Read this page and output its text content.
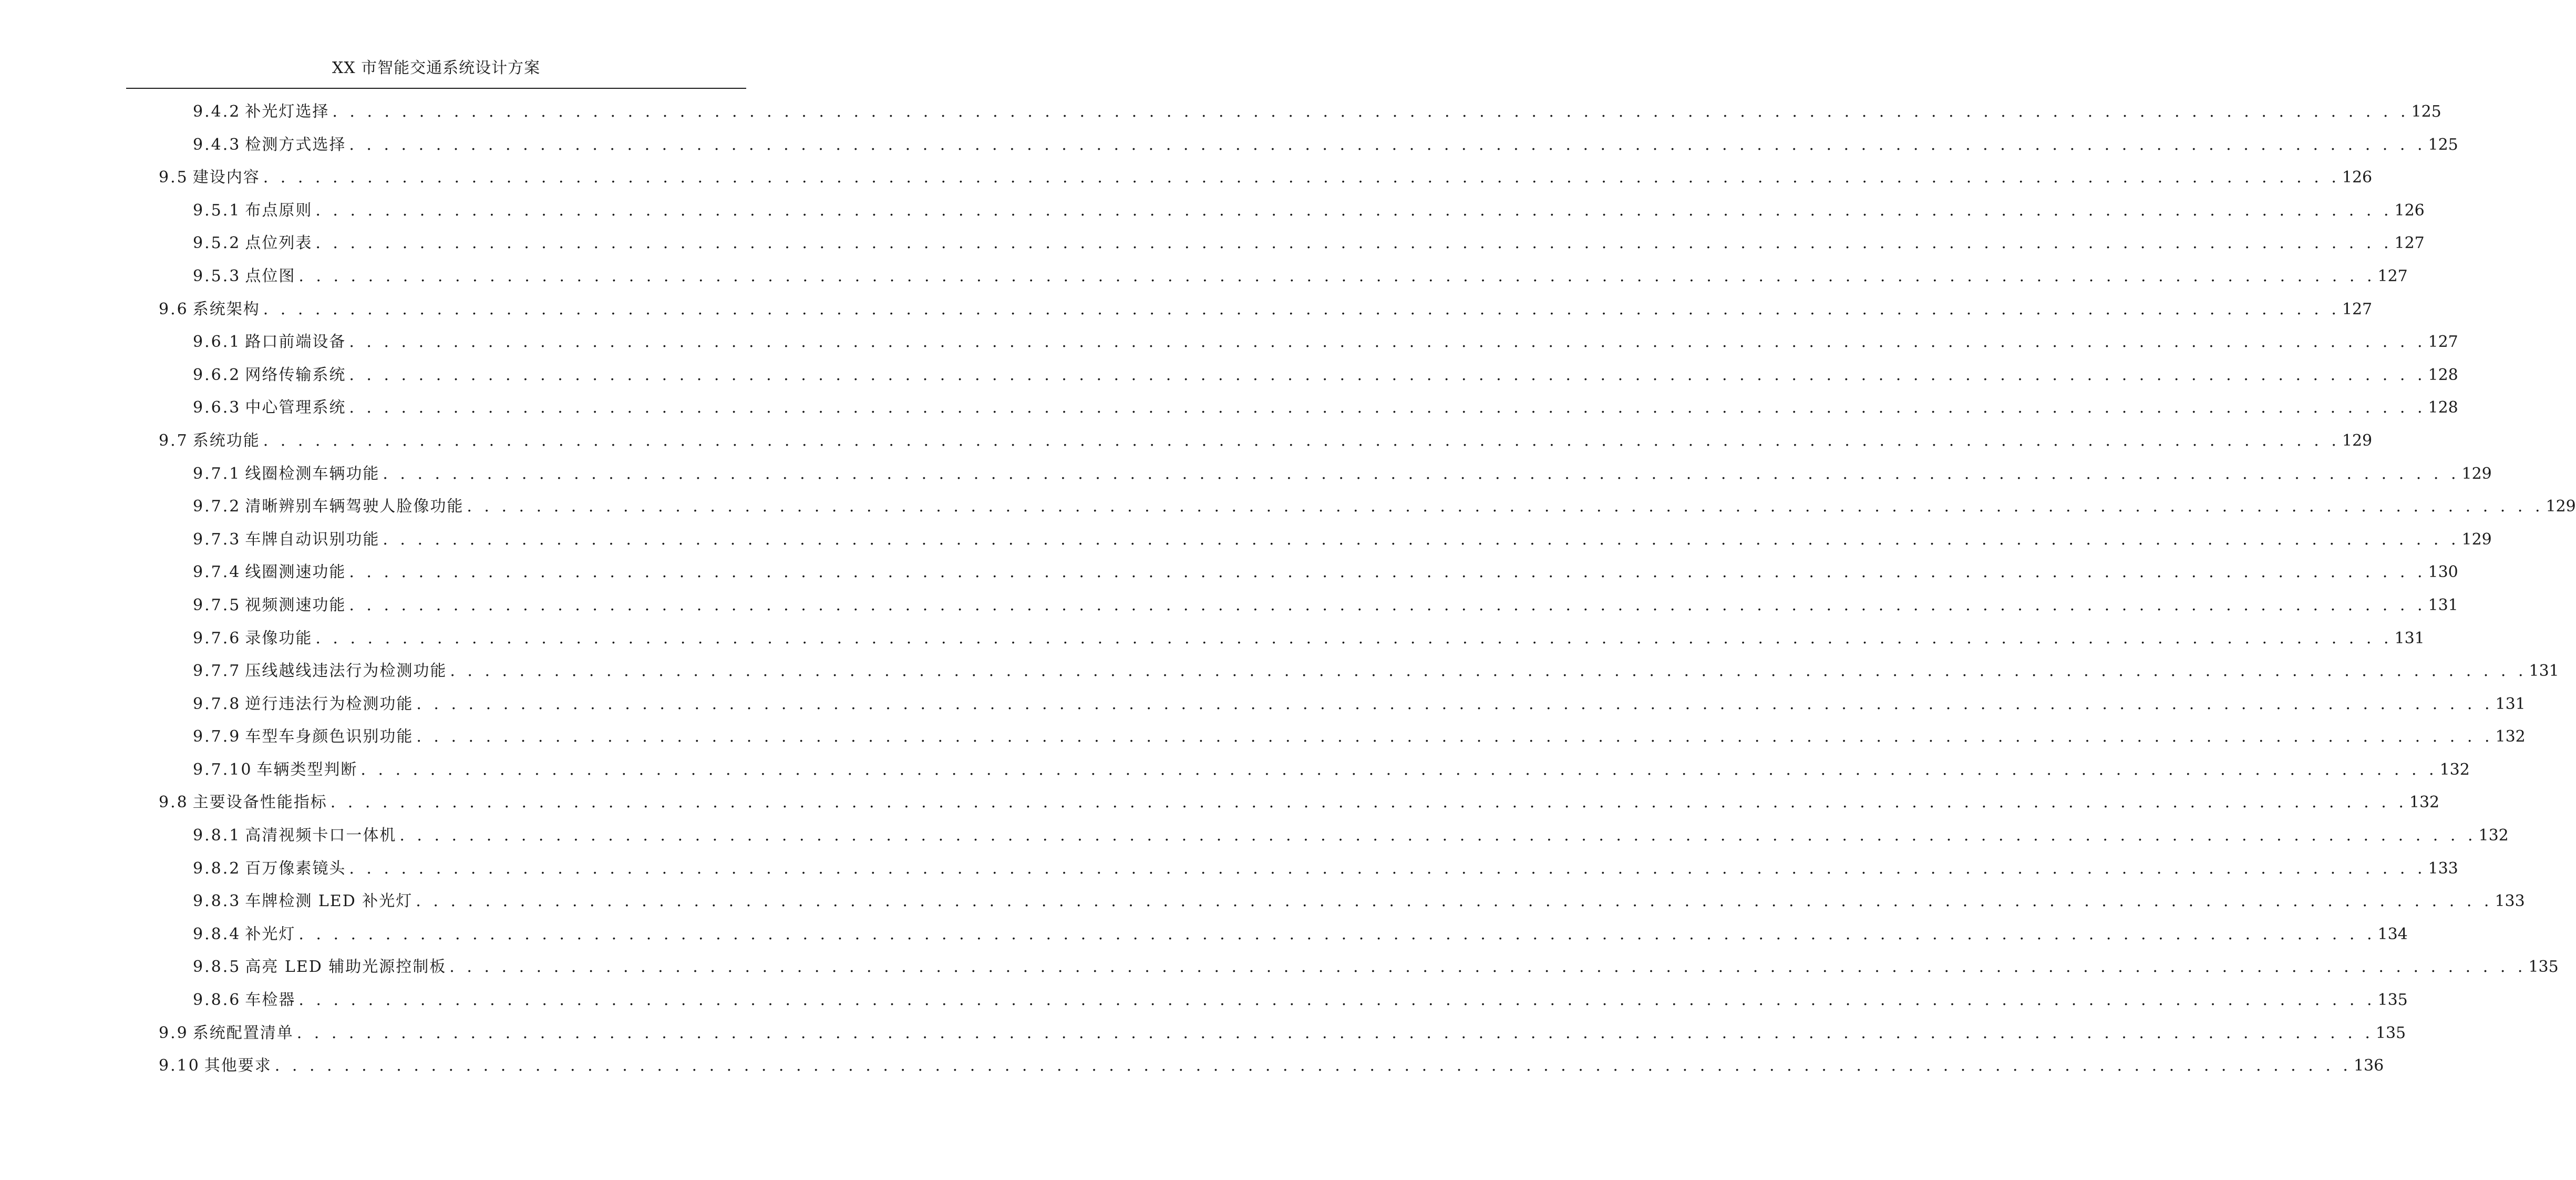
XX 市智能交通系统设计方案
9.4.2 补光灯选择 . . . . . . . . . . . . . . . . . . . . . . . . . . . . . . . . . . . . . . . . . . . . . . . . . . . . . . . . . . . . . . . . . . . . . . . . . . . . . . . . . . . . . . . . . . . . . . . . . . . . . . . . . . . . . . . . . . . . . . . . 125
9.4.3 检测方式选择 . . . . . . . . . . . . . . . . . . . . . . . . . . . . . . . . . . . . . . . . . . . . . . . . . . . . . . . . . . . . . . . . . . . . . . . . . . . . . . . . . . . . . . . . . . . . . . . . . . . . . . . . . . . . . . . . . . . . . . . . 125
9.5 建设内容 . . . . . . . . . . . . . . . . . . . . . . . . . . . . . . . . . . . . . . . . . . . . . . . . . . . . . . . . . . . . . . . . . . . . . . . . . . . . . . . . . . . . . . . . . . . . . . . . . . . . . . . . . . . . . . . . . . . . . . . . 126
9.5.1 布点原则 . . . . . . . . . . . . . . . . . . . . . . . . . . . . . . . . . . . . . . . . . . . . . . . . . . . . . . . . . . . . . . . . . . . . . . . . . . . . . . . . . . . . . . . . . . . . . . . . . . . . . . . . . . . . . . . . . . . . . . . . 126
9.5.2 点位列表 . . . . . . . . . . . . . . . . . . . . . . . . . . . . . . . . . . . . . . . . . . . . . . . . . . . . . . . . . . . . . . . . . . . . . . . . . . . . . . . . . . . . . . . . . . . . . . . . . . . . . . . . . . . . . . . . . . . . . . . . 127
9.5.3 点位图 . . . . . . . . . . . . . . . . . . . . . . . . . . . . . . . . . . . . . . . . . . . . . . . . . . . . . . . . . . . . . . . . . . . . . . . . . . . . . . . . . . . . . . . . . . . . . . . . . . . . . . . . . . . . . . . . . . . . . . . . 127
9.6 系统架构 . . . . . . . . . . . . . . . . . . . . . . . . . . . . . . . . . . . . . . . . . . . . . . . . . . . . . . . . . . . . . . . . . . . . . . . . . . . . . . . . . . . . . . . . . . . . . . . . . . . . . . . . . . . . . . . . . . . . . . . . 127
9.6.1 路口前端设备 . . . . . . . . . . . . . . . . . . . . . . . . . . . . . . . . . . . . . . . . . . . . . . . . . . . . . . . . . . . . . . . . . . . . . . . . . . . . . . . . . . . . . . . . . . . . . . . . . . . . . . . . . . . . . . . . . . . . . . . . 127
9.6.2 网络传输系统 . . . . . . . . . . . . . . . . . . . . . . . . . . . . . . . . . . . . . . . . . . . . . . . . . . . . . . . . . . . . . . . . . . . . . . . . . . . . . . . . . . . . . . . . . . . . . . . . . . . . . . . . . . . . . . . . . . . . . . . . 128
9.6.3 中心管理系统 . . . . . . . . . . . . . . . . . . . . . . . . . . . . . . . . . . . . . . . . . . . . . . . . . . . . . . . . . . . . . . . . . . . . . . . . . . . . . . . . . . . . . . . . . . . . . . . . . . . . . . . . . . . . . . . . . . . . . . . . 128
9.7 系统功能 . . . . . . . . . . . . . . . . . . . . . . . . . . . . . . . . . . . . . . . . . . . . . . . . . . . . . . . . . . . . . . . . . . . . . . . . . . . . . . . . . . . . . . . . . . . . . . . . . . . . . . . . . . . . . . . . . . . . . . . . 129
9.7.1 线圈检测车辆功能 . . . . . . . . . . . . . . . . . . . . . . . . . . . . . . . . . . . . . . . . . . . . . . . . . . . . . . . . . . . . . . . . . . . . . . . . . . . . . . . . . . . . . . . . . . . . . . . . . . . . . . . . . . . . . . . . . . . . . . . . 129
9.7.2 清晰辨别车辆驾驶人脸像功能 . . . . . . . . . . . . . . . . . . . . . . . . . . . . . . . . . . . . . . . . . . . . . . . . . . . . . . . . . . . . . . . . . . . . . . . . . . . . . . . . . . . . . . . . . . . . . . . . . . . . . . . . . . . . . . . . . . . . . . . . 129
9.7.3 车牌自动识别功能 . . . . . . . . . . . . . . . . . . . . . . . . . . . . . . . . . . . . . . . . . . . . . . . . . . . . . . . . . . . . . . . . . . . . . . . . . . . . . . . . . . . . . . . . . . . . . . . . . . . . . . . . . . . . . . . . . . . . . . . . 129
9.7.4 线圈测速功能 . . . . . . . . . . . . . . . . . . . . . . . . . . . . . . . . . . . . . . . . . . . . . . . . . . . . . . . . . . . . . . . . . . . . . . . . . . . . . . . . . . . . . . . . . . . . . . . . . . . . . . . . . . . . . . . . . . . . . . . . 130
9.7.5 视频测速功能 . . . . . . . . . . . . . . . . . . . . . . . . . . . . . . . . . . . . . . . . . . . . . . . . . . . . . . . . . . . . . . . . . . . . . . . . . . . . . . . . . . . . . . . . . . . . . . . . . . . . . . . . . . . . . . . . . . . . . . . . 131
9.7.6 录像功能 . . . . . . . . . . . . . . . . . . . . . . . . . . . . . . . . . . . . . . . . . . . . . . . . . . . . . . . . . . . . . . . . . . . . . . . . . . . . . . . . . . . . . . . . . . . . . . . . . . . . . . . . . . . . . . . . . . . . . . . . 131
9.7.7 压线越线违法行为检测功能 . . . . . . . . . . . . . . . . . . . . . . . . . . . . . . . . . . . . . . . . . . . . . . . . . . . . . . . . . . . . . . . . . . . . . . . . . . . . . . . . . . . . . . . . . . . . . . . . . . . . . . . . . . . . . . . . . . . . . . . . 131
9.7.8 逆行违法行为检测功能 . . . . . . . . . . . . . . . . . . . . . . . . . . . . . . . . . . . . . . . . . . . . . . . . . . . . . . . . . . . . . . . . . . . . . . . . . . . . . . . . . . . . . . . . . . . . . . . . . . . . . . . . . . . . . . . . . . . . . . . . 131
9.7.9 车型车身颜色识别功能 . . . . . . . . . . . . . . . . . . . . . . . . . . . . . . . . . . . . . . . . . . . . . . . . . . . . . . . . . . . . . . . . . . . . . . . . . . . . . . . . . . . . . . . . . . . . . . . . . . . . . . . . . . . . . . . . . . . . . . . . 132
9.7.10 车辆类型判断 . . . . . . . . . . . . . . . . . . . . . . . . . . . . . . . . . . . . . . . . . . . . . . . . . . . . . . . . . . . . . . . . . . . . . . . . . . . . . . . . . . . . . . . . . . . . . . . . . . . . . . . . . . . . . . . . . . . . . . . . 132
9.8 主要设备性能指标 . . . . . . . . . . . . . . . . . . . . . . . . . . . . . . . . . . . . . . . . . . . . . . . . . . . . . . . . . . . . . . . . . . . . . . . . . . . . . . . . . . . . . . . . . . . . . . . . . . . . . . . . . . . . . . . . . . . . . . . . 132
9.8.1 高清视频卡口一体机 . . . . . . . . . . . . . . . . . . . . . . . . . . . . . . . . . . . . . . . . . . . . . . . . . . . . . . . . . . . . . . . . . . . . . . . . . . . . . . . . . . . . . . . . . . . . . . . . . . . . . . . . . . . . . . . . . . . . . . . . 132
9.8.2 百万像素镜头 . . . . . . . . . . . . . . . . . . . . . . . . . . . . . . . . . . . . . . . . . . . . . . . . . . . . . . . . . . . . . . . . . . . . . . . . . . . . . . . . . . . . . . . . . . . . . . . . . . . . . . . . . . . . . . . . . . . . . . . . 133
9.8.3 车牌检测 LED 补光灯 . . . . . . . . . . . . . . . . . . . . . . . . . . . . . . . . . . . . . . . . . . . . . . . . . . . . . . . . . . . . . . . . . . . . . . . . . . . . . . . . . . . . . . . . . . . . . . . . . . . . . . . . . . . . . . . . . . . . . . . . 133
9.8.4 补光灯 . . . . . . . . . . . . . . . . . . . . . . . . . . . . . . . . . . . . . . . . . . . . . . . . . . . . . . . . . . . . . . . . . . . . . . . . . . . . . . . . . . . . . . . . . . . . . . . . . . . . . . . . . . . . . . . . . . . . . . . . 134
9.8.5 高亮 LED 辅助光源控制板 . . . . . . . . . . . . . . . . . . . . . . . . . . . . . . . . . . . . . . . . . . . . . . . . . . . . . . . . . . . . . . . . . . . . . . . . . . . . . . . . . . . . . . . . . . . . . . . . . . . . . . . . . . . . . . . . . . . . . . . . 135
9.8.6 车检器 . . . . . . . . . . . . . . . . . . . . . . . . . . . . . . . . . . . . . . . . . . . . . . . . . . . . . . . . . . . . . . . . . . . . . . . . . . . . . . . . . . . . . . . . . . . . . . . . . . . . . . . . . . . . . . . . . . . . . . . . 135
9.9 系统配置清单 . . . . . . . . . . . . . . . . . . . . . . . . . . . . . . . . . . . . . . . . . . . . . . . . . . . . . . . . . . . . . . . . . . . . . . . . . . . . . . . . . . . . . . . . . . . . . . . . . . . . . . . . . . . . . . . . . . . . . . . . 135
9.10 其他要求 . . . . . . . . . . . . . . . . . . . . . . . . . . . . . . . . . . . . . . . . . . . . . . . . . . . . . . . . . . . . . . . . . . . . . . . . . . . . . . . . . . . . . . . . . . . . . . . . . . . . . . . . . . . . . . . . . . . . . . . . 136
